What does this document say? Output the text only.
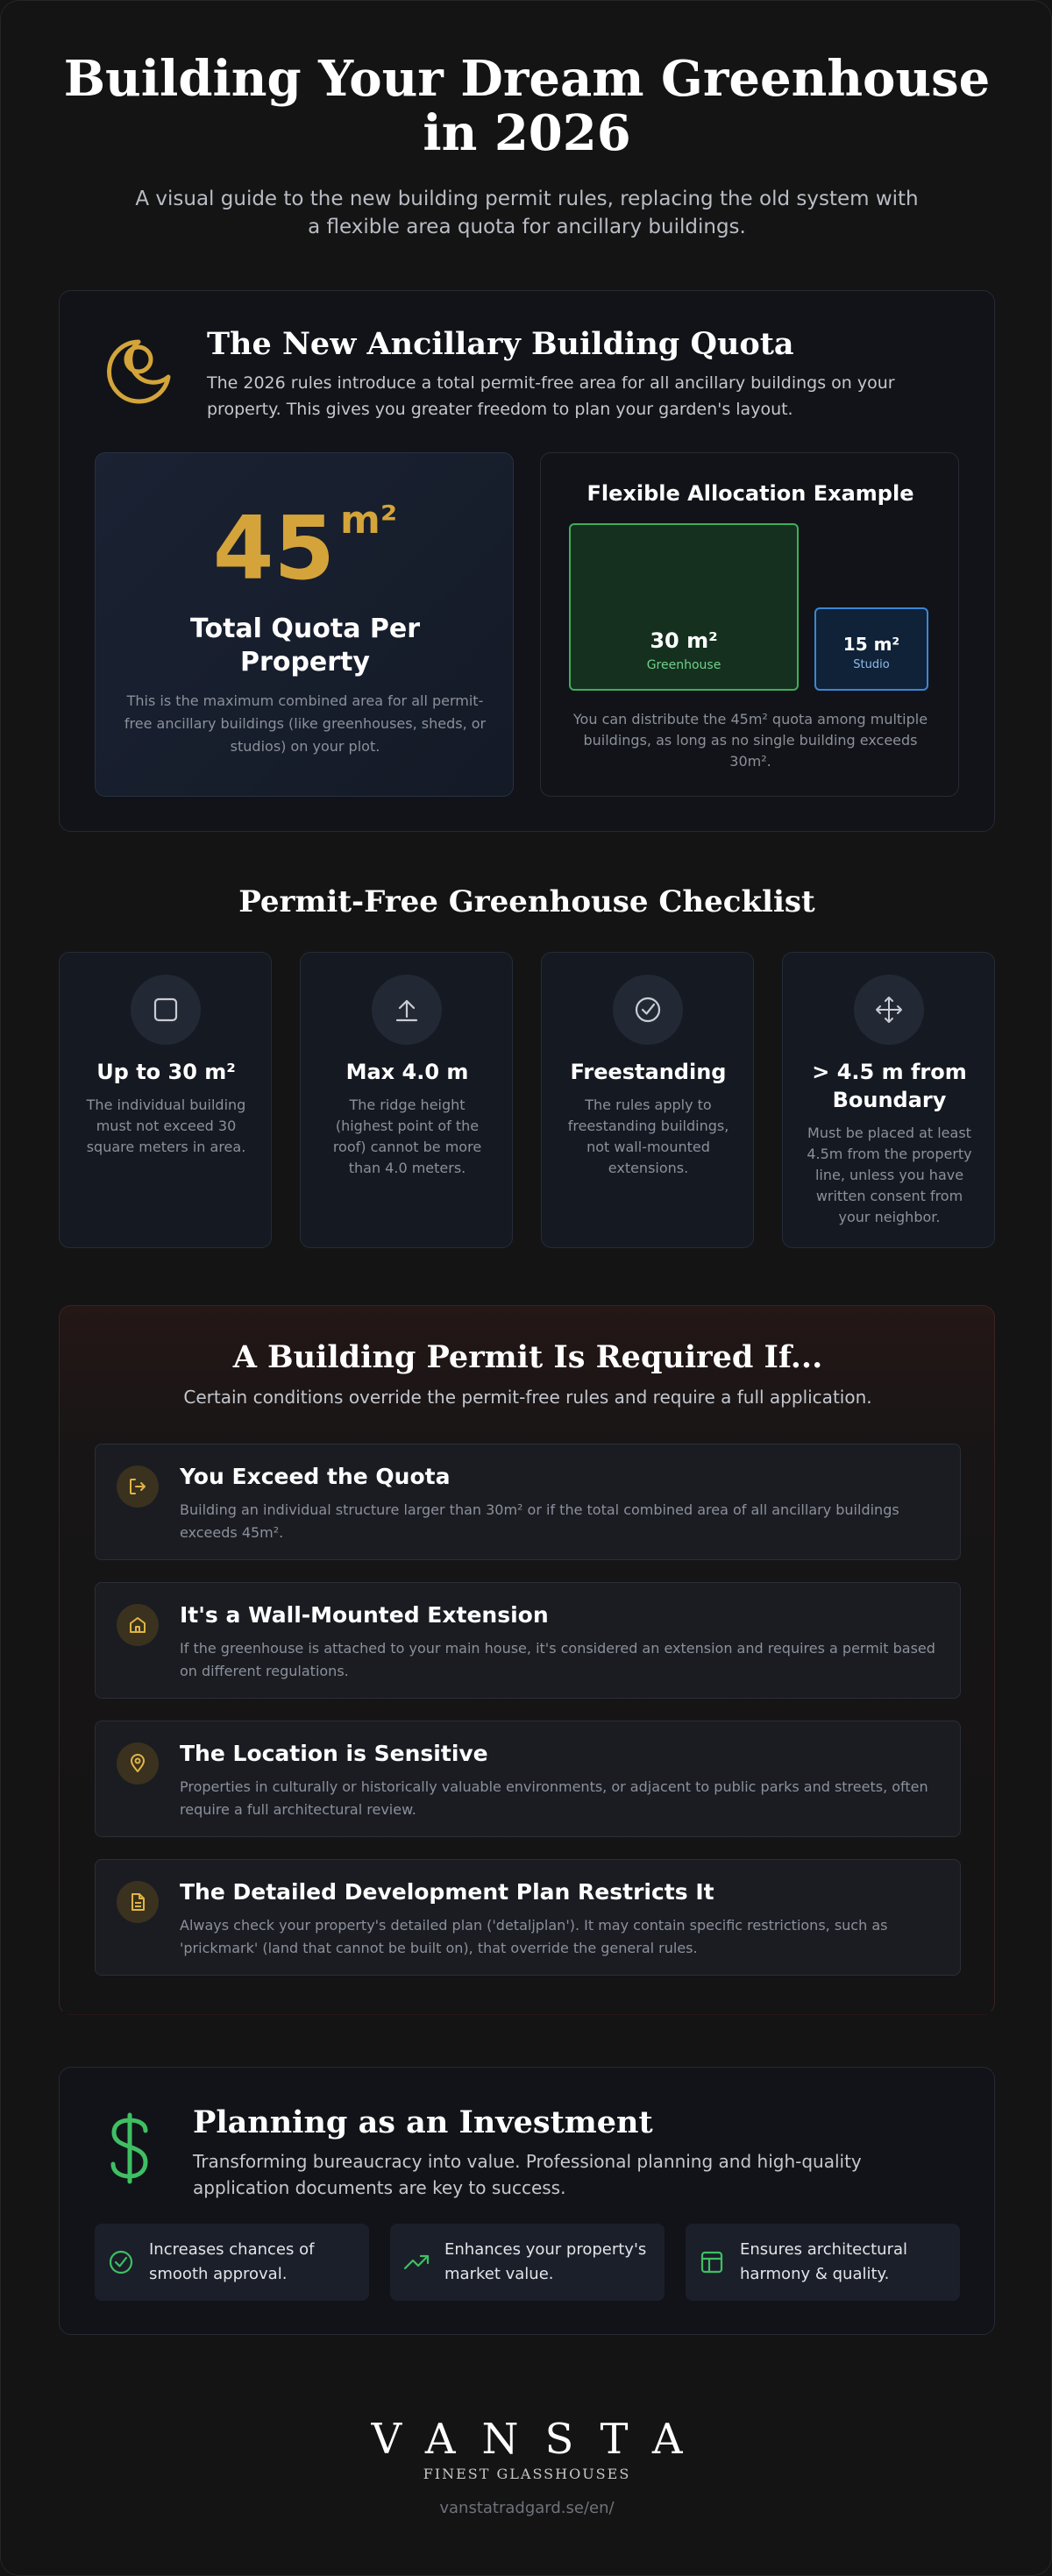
Building Your Dream Greenhouse in 2026

A visual guide to the new building permit rules, replacing the old system with a flexible area quota for ancillary buildings.

The New Ancillary Building Quota
The 2026 rules introduce a total permit-free area for all ancillary buildings on your property. This gives you greater freedom to plan your garden's layout.
45 m²
Total Quota Per Property
This is the maximum combined area for all permit-free ancillary buildings (like greenhouses, sheds, or studios) on your plot.
Flexible Allocation Example
30 m²
Greenhouse
15 m²
Studio
You can distribute the 45m² quota among multiple buildings, as long as no single building exceeds 30m².
Permit-Free Greenhouse Checklist
Up to 30 m²
The individual building must not exceed 30 square meters in area.
Max 4.0 m
The ridge height (highest point of the roof) cannot be more than 4.0 meters.
Freestanding
The rules apply to freestanding buildings, not wall-mounted extensions.
> 4.5 m from Boundary
Must be placed at least 4.5m from the property line, unless you have written consent from your neighbor.
A Building Permit Is Required If...
Certain conditions override the permit-free rules and require a full application.
You Exceed the Quota
Building an individual structure larger than 30m² or if the total combined area of all ancillary buildings exceeds 45m².
It's a Wall-Mounted Extension
If the greenhouse is attached to your main house, it's considered an extension and requires a permit based on different regulations.
The Location is Sensitive
Properties in culturally or historically valuable environments, or adjacent to public parks and streets, often require a full architectural review.
The Detailed Development Plan Restricts It
Always check your property's detailed plan ('detaljplan'). It may contain specific restrictions, such as 'prickmark' (land that cannot be built on), that override the general rules.
Planning as an Investment
Transforming bureaucracy into value. Professional planning and high-quality application documents are key to success.
Increases chances of smooth approval.
Enhances your property's market value.
Ensures architectural harmony & quality.
VANSTA
FINEST GLASSHOUSES
vanstatradgard.se/en/
